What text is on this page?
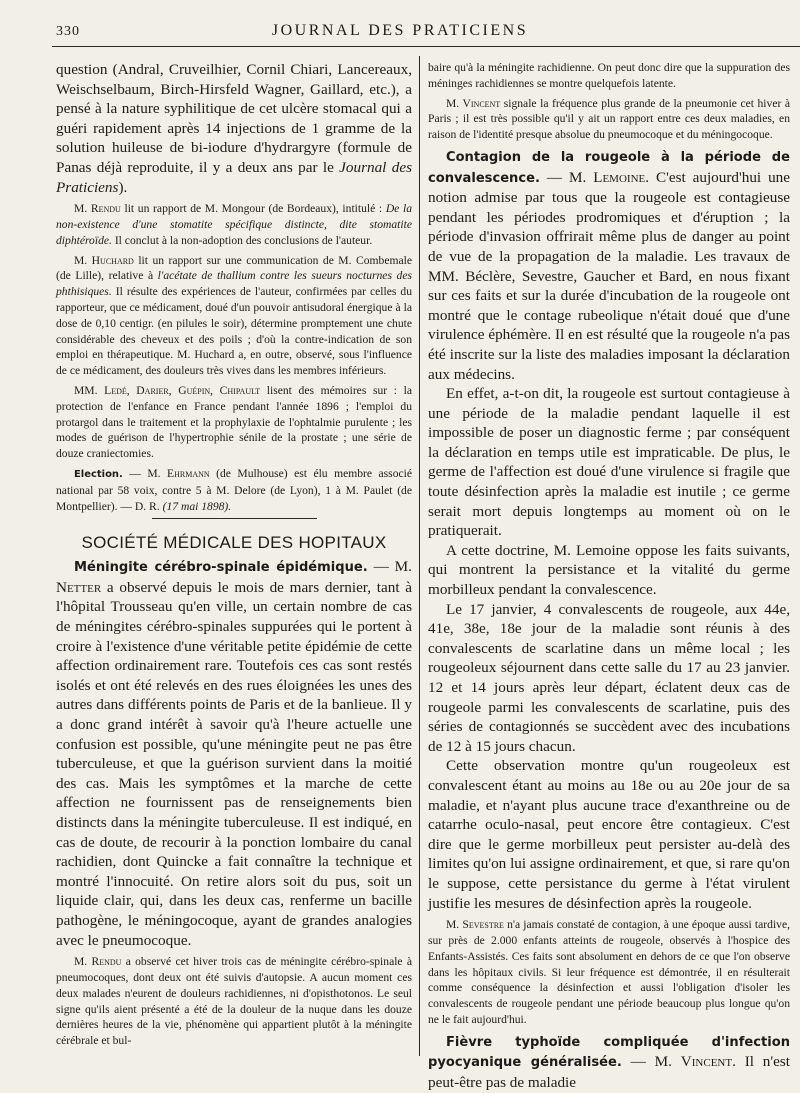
330	JOURNAL DES PRATICIENS

question (Andral, Cruveilhier, Cornil Chiari, Lancereaux, Weischselbaum, Birch-Hirsfeld Wagner, Gaillard, etc.), a pensé à la nature syphilitique de cet ulcère stomacal qui a guéri rapidement après 14 injections de 1 gramme de la solution huileuse de bi-iodure d'hydrargyre (formule de Panas déjà reproduite, il y a deux ans par le Journal des Praticiens).

M. Rendu lit un rapport de M. Mongour (de Bordeaux), intitulé : De la non-existence d'une stomatite spécifique distincte, dite stomatite diphtéroïde. Il conclut à la non-adoption des conclusions de l'auteur.

M. Huchard lit un rapport sur une communication de M. Combemale (de Lille), relative à l'acétate de thallium contre les sueurs nocturnes des phthisiques. Il résulte des expériences de l'auteur, confirmées par celles du rapporteur, que ce médicament, doué d'un pouvoir antisudoral énergique à la dose de 0,10 centigr. (en pilules le soir), détermine promptement une chute considérable des cheveux et des poils ; d'où la contre-indication de son emploi en thérapeutique. M. Huchard a, en outre, observé, sous l'influence de ce médicament, des douleurs très vives dans les membres inférieurs.

MM. Ledé, Darier, Guépin, Chipault lisent des mémoires sur : la protection de l'enfance en France pendant l'année 1896 ; l'emploi du protargol dans le traitement et la prophylaxie de l'ophtalmie purulente ; les modes de guérison de l'hypertrophie sénile de la prostate ; une série de douze craniectomies.

Election. — M. Ehrmann (de Mulhouse) est élu membre associé national par 58 voix, contre 5 à M. Delore (de Lyon), 1 à M. Paulet (de Montpellier). — D. R. (17 mai 1898).

SOCIÉTÉ MÉDICALE DES HOPITAUX

Méningite cérébro-spinale épidémique. — M. Netter a observé depuis le mois de mars dernier, tant à l'hôpital Trousseau qu'en ville, un certain nombre de cas de méningites cérébro-spinales suppurées qui le portent à croire à l'existence d'une véritable petite épidémie de cette affection ordinairement rare. Toutefois ces cas sont restés isolés et ont été relevés en des rues éloignées les unes des autres dans différents points de Paris et de la banlieue. Il y a donc grand intérêt à savoir qu'à l'heure actuelle une confusion est possible, qu'une méningite peut ne pas être tuberculeuse, et que la guérison survient dans la moitié des cas. Mais les symptômes et la marche de cette affection ne fournissent pas de renseignements bien distincts dans la méningite tuberculeuse. Il est indiqué, en cas de doute, de recourir à la ponction lombaire du canal rachidien, dont Quincke a fait connaître la technique et montré l'innocuité. On retire alors soit du pus, soit un liquide clair, qui, dans les deux cas, renferme un bacille pathogène, le méningocoque, ayant de grandes analogies avec le pneumocoque.

M. Rendu a observé cet hiver trois cas de méningite cérébro-spinale à pneumocoques, dont deux ont été suivis d'autopsie. A aucun moment ces deux malades n'eurent de douleurs rachidiennes, ni d'opisthotonos. Le seul signe qu'ils aient présenté a été de la douleur de la nuque dans les douze dernières heures de la vie, phénomène qui appartient plutôt à la méningite cérébrale et bul-

baire qu'à la méningite rachidienne. On peut donc dire que la suppuration des méninges rachidiennes se montre quelquefois latente.

M. Vincent signale la fréquence plus grande de la pneumonie cet hiver à Paris ; il est très possible qu'il y ait un rapport entre ces deux maladies, en raison de l'identité presque absolue du pneumocoque et du méningocoque.

Contagion de la rougeole à la période de convalescence. — M. Lemoine. C'est aujourd'hui une notion admise par tous que la rougeole est contagieuse pendant les périodes prodromiques et d'éruption ; la période d'invasion offrirait même plus de danger au point de vue de la propagation de la maladie. Les travaux de MM. Béclère, Sevestre, Gaucher et Bard, en nous fixant sur ces faits et sur la durée d'incubation de la rougeole ont montré que le contage rubeolique n'était doué que d'une virulence éphémère. Il en est résulté que la rougeole n'a pas été inscrite sur la liste des maladies imposant la déclaration aux médecins.

En effet, a-t-on dit, la rougeole est surtout contagieuse à une période de la maladie pendant laquelle il est impossible de poser un diagnostic ferme ; par conséquent la déclaration en temps utile est impraticable. De plus, le germe de l'affection est doué d'une virulence si fragile que toute désinfection après la maladie est inutile ; ce germe serait mort depuis longtemps au moment où on le pratiquerait.

A cette doctrine, M. Lemoine oppose les faits suivants, qui montrent la persistance et la vitalité du germe morbilleux pendant la convalescence.

Le 17 janvier, 4 convalescents de rougeole, aux 44e, 41e, 38e, 18e jour de la maladie sont réunis à des convalescents de scarlatine dans un même local ; les rougeoleux séjournent dans cette salle du 17 au 23 janvier. 12 et 14 jours après leur départ, éclatent deux cas de rougeole parmi les convalescents de scarlatine, puis des séries de contagionnés se succèdent avec des incubations de 12 à 15 jours chacun.

Cette observation montre qu'un rougeoleux est convalescent étant au moins au 18e ou au 20e jour de sa maladie, et n'ayant plus aucune trace d'exanthreine ou de catarrhe oculo-nasal, peut encore être contagieux. C'est dire que le germe morbilleux peut persister au-delà des limites qu'on lui assigne ordinairement, et que, si rare qu'on le suppose, cette persistance du germe à l'état virulent justifie les mesures de désinfection après la rougeole.

M. Sevestre n'a jamais constaté de contagion, à une époque aussi tardive, sur près de 2.000 enfants atteints de rougeole, observés à l'hospice des Enfants-Assistés. Ces faits sont absolument en dehors de ce que l'on observe dans les hôpitaux civils. Si leur fréquence est démontrée, il en résulterait comme conséquence la désinfection et aussi l'obligation d'isoler les convalescents de rougeole pendant une période beaucoup plus longue qu'on ne le fait aujourd'hui.

Fièvre typhoïde compliquée d'infection pyocyanique généralisée. — M. Vincent. Il n'est peut-être pas de maladie
